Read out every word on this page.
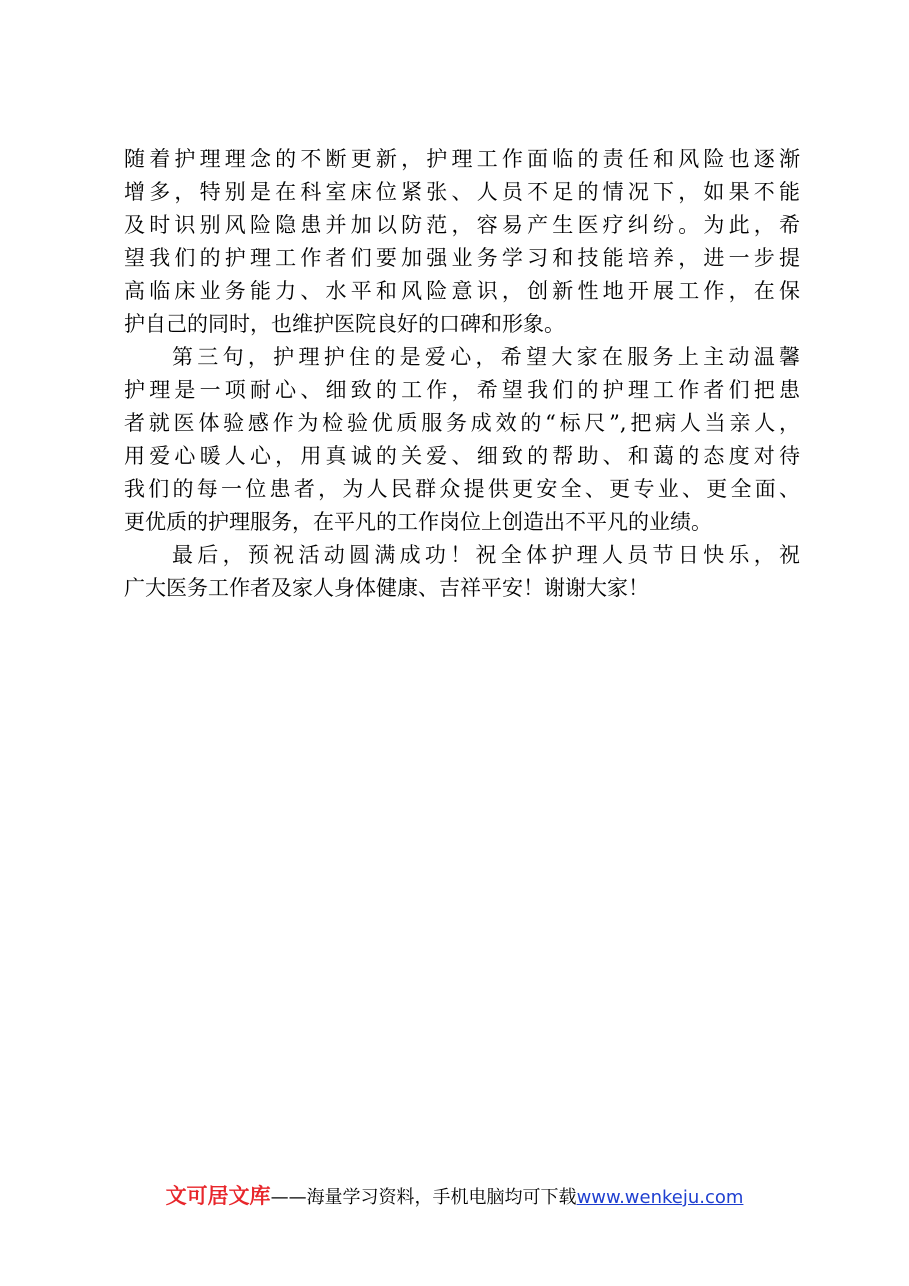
随着护理理念的不断更新，护理工作面临的责任和风险也逐渐
增多，特别是在科室床位紧张、人员不足的情况下，如果不能
及时识别风险隐患并加以防范，容易产生医疗纠纷。为此，希
望我们的护理工作者们要加强业务学习和技能培养，进一步提
高临床业务能力、水平和风险意识，创新性地开展工作，在保
护自己的同时，也维护医院良好的口碑和形象。
第三句，护理护住的是爱心，希望大家在服务上主动温馨
护理是一项耐心、细致的工作，希望我们的护理工作者们把患
者就医体验感作为检验优质服务成效的“标尺”,把病人当亲人，
用爱心暖人心，用真诚的关爱、细致的帮助、和蔼的态度对待
我们的每一位患者，为人民群众提供更安全、更专业、更全面、
更优质的护理服务，在平凡的工作岗位上创造出不平凡的业绩。
最后，预祝活动圆满成功！祝全体护理人员节日快乐，祝
广大医务工作者及家人身体健康、吉祥平安！谢谢大家！
文可居文库——海量学习资料，手机电脑均可下载www.wenkeju.com
